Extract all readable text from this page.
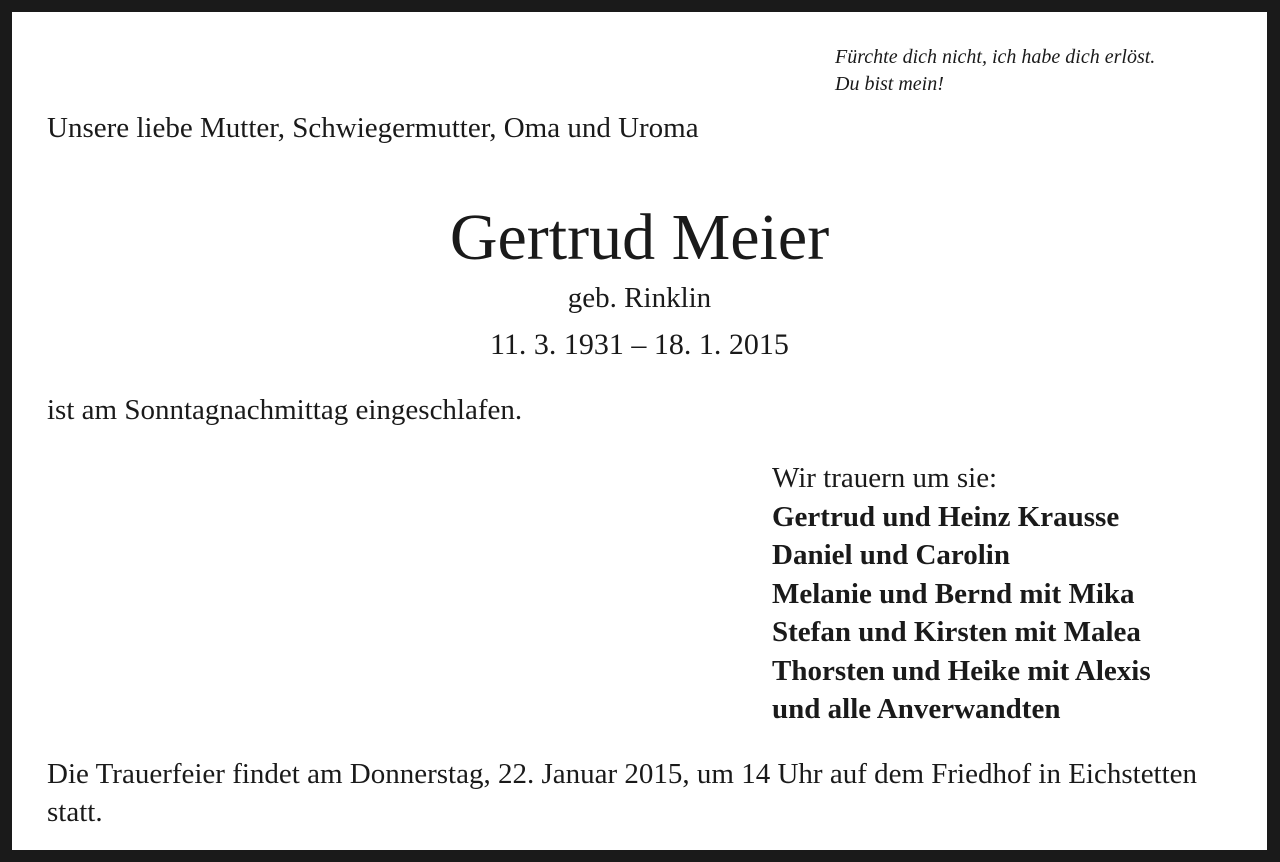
Fürchte dich nicht, ich habe dich erlöst.
Du bist mein!
Unsere liebe Mutter, Schwiegermutter, Oma und Uroma
Gertrud Meier
geb. Rinklin
11. 3. 1931 – 18. 1. 2015
ist am Sonntagnachmittag eingeschlafen.
Wir trauern um sie:
Gertrud und Heinz Krausse
Daniel und Carolin
Melanie und Bernd mit Mika
Stefan und Kirsten mit Malea
Thorsten und Heike mit Alexis
und alle Anverwandten
Die Trauerfeier findet am Donnerstag, 22. Januar 2015, um 14 Uhr auf dem Friedhof in Eichstetten statt.
